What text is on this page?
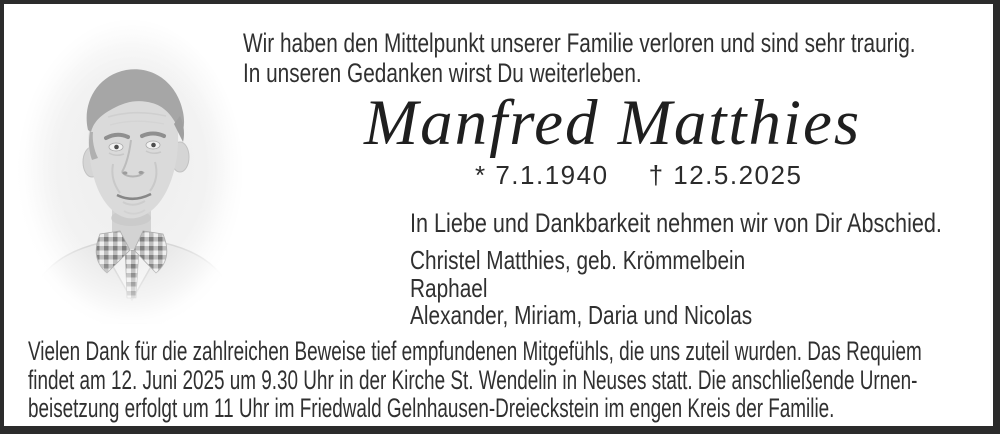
Wir haben den Mittelpunkt unserer Familie verloren und sind sehr traurig.
In unseren Gedanken wirst Du weiterleben.
Manfred Matthies
* 7.1.1940 † 12.5.2025
In Liebe und Dankbarkeit nehmen wir von Dir Abschied.
Christel Matthies, geb. Krömmelbein
Raphael
Alexander, Miriam, Daria und Nicolas
Vielen Dank für die zahlreichen Beweise tief empfundenen Mitgefühls, die uns zuteil wurden. Das Requiem
findet am 12. Juni 2025 um 9.30 Uhr in der Kirche St. Wendelin in Neuses statt. Die anschließende Urnen-
beisetzung erfolgt um 11 Uhr im Friedwald Gelnhausen-Dreieckstein im engen Kreis der Familie.
